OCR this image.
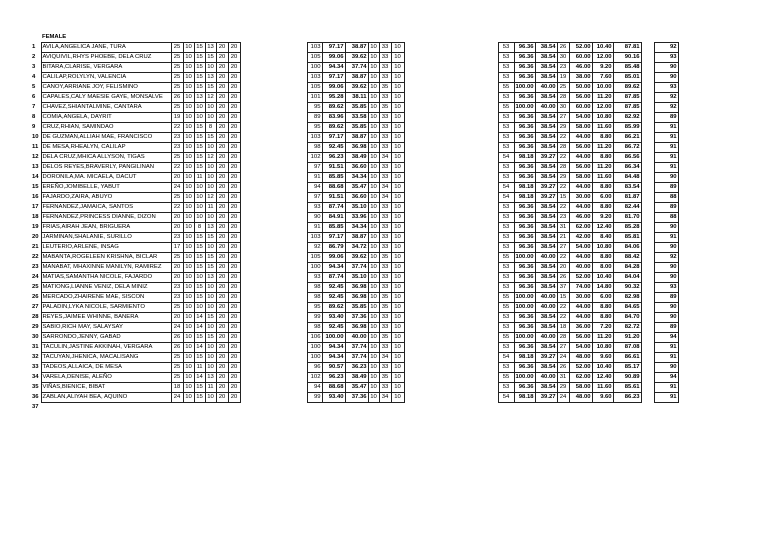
	FEMALE																							
1	AVILA,ANGELICA JANE, TURA	25	10	15	13	20	20		103	97.17	38.87	10	33	10		53	96.36	38.54	26	52.00	10.40	87.81		92
2	AVIQUIVIL,RHYS PHOEBE, DELA CRUZ	25	10	15	15	20	20		105	99.06	39.62	10	33	10		53	96.36	38.54	30	60.00	12.00	90.16		93
3	BITARA,CLARISE, VERGARA	25	10	15	10	20	20		100	94.34	37.74	10	33	10		53	96.36	38.54	23	46.00	9.20	85.48		90
4	CALILAP,ROLYLYN, VALENCIA	25	10	15	13	20	20		103	97.17	38.87	10	33	10		53	96.36	38.54	19	38.00	7.60	85.01		90
5	CANOY,ARRIANE JOY, FELISMINO	25	10	15	15	20	20		105	99.06	39.62	10	35	10		55	100.00	40.00	25	50.00	10.00	89.62		93
6	CAPALES,CALY MAESIE GAYE, MONSALVE	26	10	13	12	20	20		101	95.28	38.11	10	33	10		53	96.36	38.54	28	56.00	11.20	87.85		92
7	CHAVEZ,SHIANTALMINE, CANTARA	25	10	10	10	20	20		95	89.62	35.85	10	35	10		55	100.00	40.00	30	60.00	12.00	87.85		92
8	COMIA,ANGELA, DAYRIT	19	10	10	10	20	20		89	83.96	33.58	10	33	10		53	96.36	38.54	27	54.00	10.80	82.92		89
9	CRUZ,RHIAN, SAMINDAO	22	10	15	8	20	20		95	89.62	35.85	10	33	10		53	96.36	38.54	29	58.00	11.60	85.99		91
10	DE GUZMAN,ALLIAH MAE, FRANCISCO	23	10	15	15	20	20		103	97.17	38.87	10	33	10		53	96.36	38.54	22	44.00	8.80	86.21		91
11	DE MESA,RHEALYN, CALILAP	23	10	15	10	20	20		98	92.45	36.98	10	33	10		53	96.36	38.54	28	56.00	11.20	86.72		91
12	DELA CRUZ,MHICA ALLYSON, TIGAS	25	10	15	12	20	20		102	96.23	38.49	10	34	10		54	98.18	39.27	22	44.00	8.80	86.56		91
13	DELOS REYES,BRAVERLY, PANGILINAN	22	10	15	10	20	20		97	91.51	36.60	10	33	10		53	96.36	38.54	28	56.00	11.20	86.34		91
14	DORONILA,MA. MICAELA, DACUT	20	10	11	10	20	20		91	85.85	34.34	10	33	10		53	96.36	38.54	29	58.00	11.60	84.48		90
15	EREÑO,JOMIBELLE, YABUT	24	10	10	10	20	20		94	88.68	35.47	10	34	10		54	98.18	39.27	22	44.00	8.80	83.54		89
16	FAJARDO,ZAIRA, ABUYO	25	10	10	12	20	20		97	91.51	36.60	10	34	10		54	98.18	39.27	15	30.00	6.00	81.87		88
17	FERNANDEZ,JAMAICA, SANTOS	22	10	10	11	20	20		93	87.74	35.10	10	33	10		53	96.36	38.54	22	44.00	8.80	82.44		89
18	FERNANDEZ,PRINCESS DIANNE, DIZON	20	10	10	10	20	20		90	84.91	33.96	10	33	10		53	96.36	38.54	23	46.00	9.20	81.70		88
19	FRIAS,AIRAH JEAN, BRIGUERA	20	10	8	13	20	20		91	85.85	34.34	10	33	10		53	96.36	38.54	31	62.00	12.40	85.28		90
20	JARMINAN,SHALANIE, SURILLO	23	10	15	15	20	20		103	97.17	38.87	10	33	10		53	96.36	38.54	21	42.00	8.40	85.81		91
21	LEUTERIO,ARLENE, INSAG	17	10	15	10	20	20		92	86.79	34.72	10	33	10		53	96.36	38.54	27	54.00	10.80	84.06		90
22	MABANTA,ROGELEEN KRISHNA, BICLAR	25	10	15	15	20	20		105	99.06	39.62	10	35	10		55	100.00	40.00	22	44.00	8.80	88.42		92
23	MANABAT, MHAXINNE MANILYN, RAMIREZ	20	10	15	15	20	20		100	94.34	37.74	10	33	10		53	96.36	38.54	20	40.00	8.00	84.28		90
24	MATIAS,SAMANTHA NICOLE, FAJARDO	20	10	10	13	20	20		93	87.74	35.10	10	33	10		53	96.36	38.54	26	52.00	10.40	84.04		90
25	MATIONG,LIANNE VENIZ, DELA MINIZ	23	10	15	10	20	20		98	92.45	36.98	10	33	10		53	96.36	38.54	37	74.00	14.80	90.32		93
26	MERCADO,ZHAIRENE MAE, SISCON	23	10	15	10	20	20		98	92.45	36.98	10	35	10		55	100.00	40.00	15	30.00	6.00	82.98		89
27	PALADIN,LYKA NICOLE, SARMIENTO	25	10	10	10	20	20		95	89.62	35.85	10	35	10		55	100.00	40.00	22	44.00	8.80	84.65		90
28	REYES,JAIMEE WHINNE, BANERA	20	10	14	15	20	20		99	93.40	37.36	10	33	10		53	96.36	38.54	22	44.00	8.80	84.70		90
29	SABIO,RICH MAY, SALAYSAY	24	10	14	10	20	20		98	92.45	36.98	10	33	10		53	96.36	38.54	18	36.00	7.20	82.72		89
30	SARRONDO,JENNY, GABAD	26	10	15	15	20	20		106	100.00	40.00	10	35	10		55	100.00	40.00	28	56.00	11.20	91.20		94
31	TACULIN,JASTINE AKKINAH, VERGARA	26	10	14	10	20	20		100	94.34	37.74	10	33	10		53	96.36	38.54	27	54.00	10.80	87.08		91
32	TACUYAN,JHENICA, MACALISANG	25	10	15	10	20	20		100	94.34	37.74	10	34	10		54	98.18	39.27	24	48.00	9.60	86.61		91
33	TADEOS,ALLAICA, DE MESA	25	10	11	10	20	20		96	90.57	36.23	10	33	10		53	96.36	38.54	26	52.00	10.40	85.17		90
34	VARELA,DENISE, ALEÑO	25	10	14	13	20	20		102	96.23	38.49	10	35	10		55	100.00	40.00	31	62.00	12.40	90.89		94
35	VIÑAS,BIENICE, BIBAT	18	10	15	11	20	20		94	88.68	35.47	10	33	10		53	96.36	38.54	29	58.00	11.60	85.61		91
36	ZABLAN,ALIYAH BEA, AQUINO	24	10	15	10	20	20		99	93.40	37.36	10	34	10		54	98.18	39.27	24	48.00	9.60	86.23		91
37																								
